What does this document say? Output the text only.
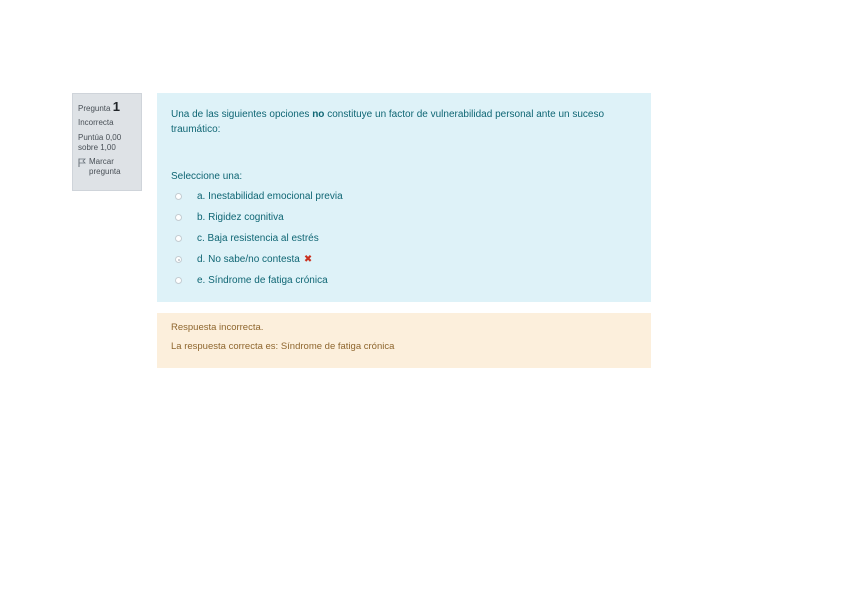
Pregunta 1
Incorrecta
Puntúa 0,00
sobre 1,00
Marcar
pregunta
Una de las siguientes opciones no constituye un factor de vulnerabilidad personal ante un suceso traumático:
Seleccione una:
a. Inestabilidad emocional previa
b. Rigidez cognitiva
c. Baja resistencia al estrés
d. No sabe/no contesta ✖
e. Síndrome de fatiga crónica
Respuesta incorrecta.
La respuesta correcta es: Síndrome de fatiga crónica
